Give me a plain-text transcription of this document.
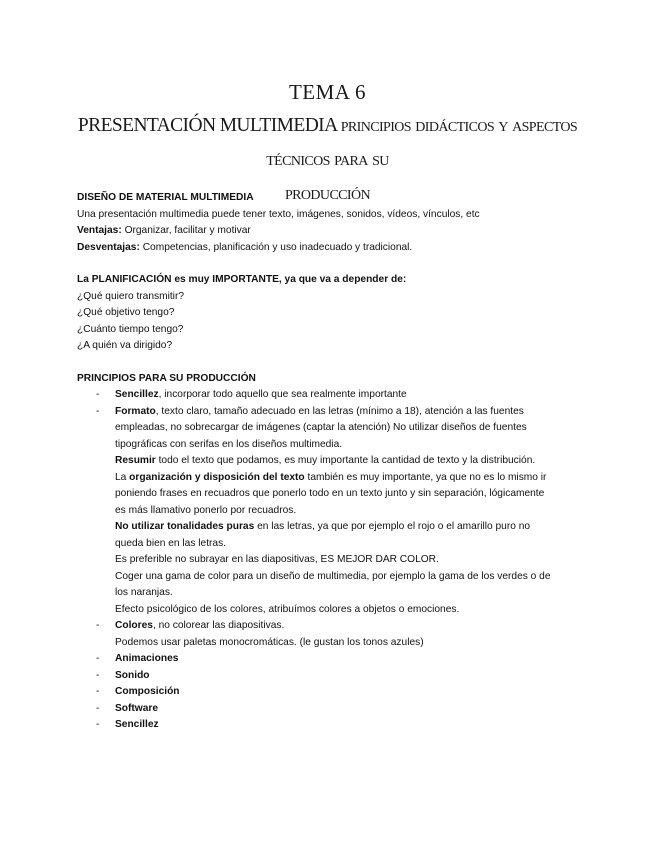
TEMA 6
PRESENTACIÓN MULTIMEDIA principios didácticos y aspectos técnicos para su
producción

DISEÑO DE MATERIAL MULTIMEDIA

Una presentación multimedia puede tener texto, imágenes, sonidos, vídeos, vínculos, etc

Ventajas: Organizar, facilitar y motivar

Desventajas: Competencias, planificación y uso inadecuado y tradicional.

La PLANIFICACIÓN es muy IMPORTANTE, ya que va a depender de:

¿Qué quiero transmitir?

¿Qué objetivo tengo?

¿Cuánto tiempo tengo?

¿A quién va dirigido?

PRINCIPIOS PARA SU PRODUCCIÓN

- Sencillez, incorporar todo aquello que sea realmente importante
- Formato, texto claro, tamaño adecuado en las letras (mínimo a 18), atención a las fuentes
empleadas, no sobrecargar de imágenes (captar la atención) No utilizar diseños de fuentes
tipográficas con serifas en los diseños multimedia.
Resumir todo el texto que podamos, es muy importante la cantidad de texto y la distribución.
La organización y disposición del texto también es muy importante, ya que no es lo mismo ir
poniendo frases en recuadros que ponerlo todo en un texto junto y sin separación, lógicamente
es más llamativo ponerlo por recuadros.
No utilizar tonalidades puras en las letras, ya que por ejemplo el rojo o el amarillo puro no
queda bien en las letras.
Es preferible no subrayar en las diapositivas, ES MEJOR DAR COLOR.
Coger una gama de color para un diseño de multimedia, por ejemplo la gama de los verdes o de
los naranjas.
Efecto psicológico de los colores, atribuímos colores a objetos o emociones.
- Colores, no colorear las diapositivas.
Podemos usar paletas monocromáticas. (le gustan los tonos azules)
- Animaciones
- Sonido
- Composición
- Software
- Sencillez
